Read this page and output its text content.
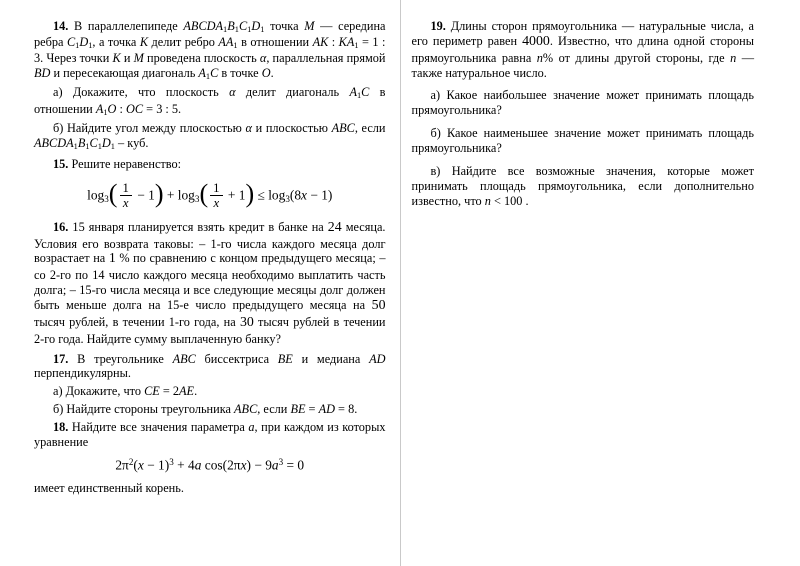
14. В параллелепипеде $ABCDA_1B_1C_1D_1$ точка M — середина ребра $C_1D_1$, а точка K делит ребро $AA_1$ в отношении AK : $KA_1 = 1$ : 3. Через точки K и M проведена плоскость α, параллельная прямой BD и пересекающая диагональ $A_1C$ в точке O.

а) Докажите, что плоскость α делит диагональ $A_1C$ в отношении $A_1O$ : OC = 3 : 5.

б) Найдите угол между плоскостью α и плоскостью ABC, если $ABCDA_1B_1C_1D_1$ – куб.

15. Решите неравенство:

$\log_3( \frac{1}{x} - 1) + \log_3( \frac{1}{x} + 1) \le \log_3(8x - 1)$

16. 15 января планируется взять кредит в банке на 24 месяца. Условия его возврата таковы: – 1-го числа каждого месяца долг возрастает на 1 % по сравнению с концом предыдущего месяца; – со 2-го по 14 число каждого месяца необходимо выплатить часть долга; – 15-го числа месяца и все следующие месяцы долг должен быть меньше долга на 15-е число предыдущего месяца на 50 тысяч рублей, в течении 1-го года, на 30 тысяч рублей в течении 2-го года. Найдите сумму выплаченную банку?

17. В треугольнике ABC биссектриса BE и медиана AD перпендикулярны.

а) Докажите, что CE = 2AE.

б) Найдите стороны треугольника ABC, если BE = AD = 8.

18. Найдите все значения параметра a, при каждом из которых уравнение

$2\pi^2(x - 1)^3 + 4a$ $\cos(2\pi x) - 9a^3 = 0$

имеет единственный корень.

19. Длины сторон прямоугольника — натуральные числа, а его периметр равен 4000. Известно, что длина одной стороны прямоугольника равна n% от длины другой стороны, где n — также натуральное число.

а) Какое наибольшее значение может принимать площадь прямоугольника?

б) Какое наименьшее значение может принимать площадь прямоугольника?

в) Найдите все возможные значения, которые может принимать площадь прямоугольника, если дополнительно известно, что n < 100 .
